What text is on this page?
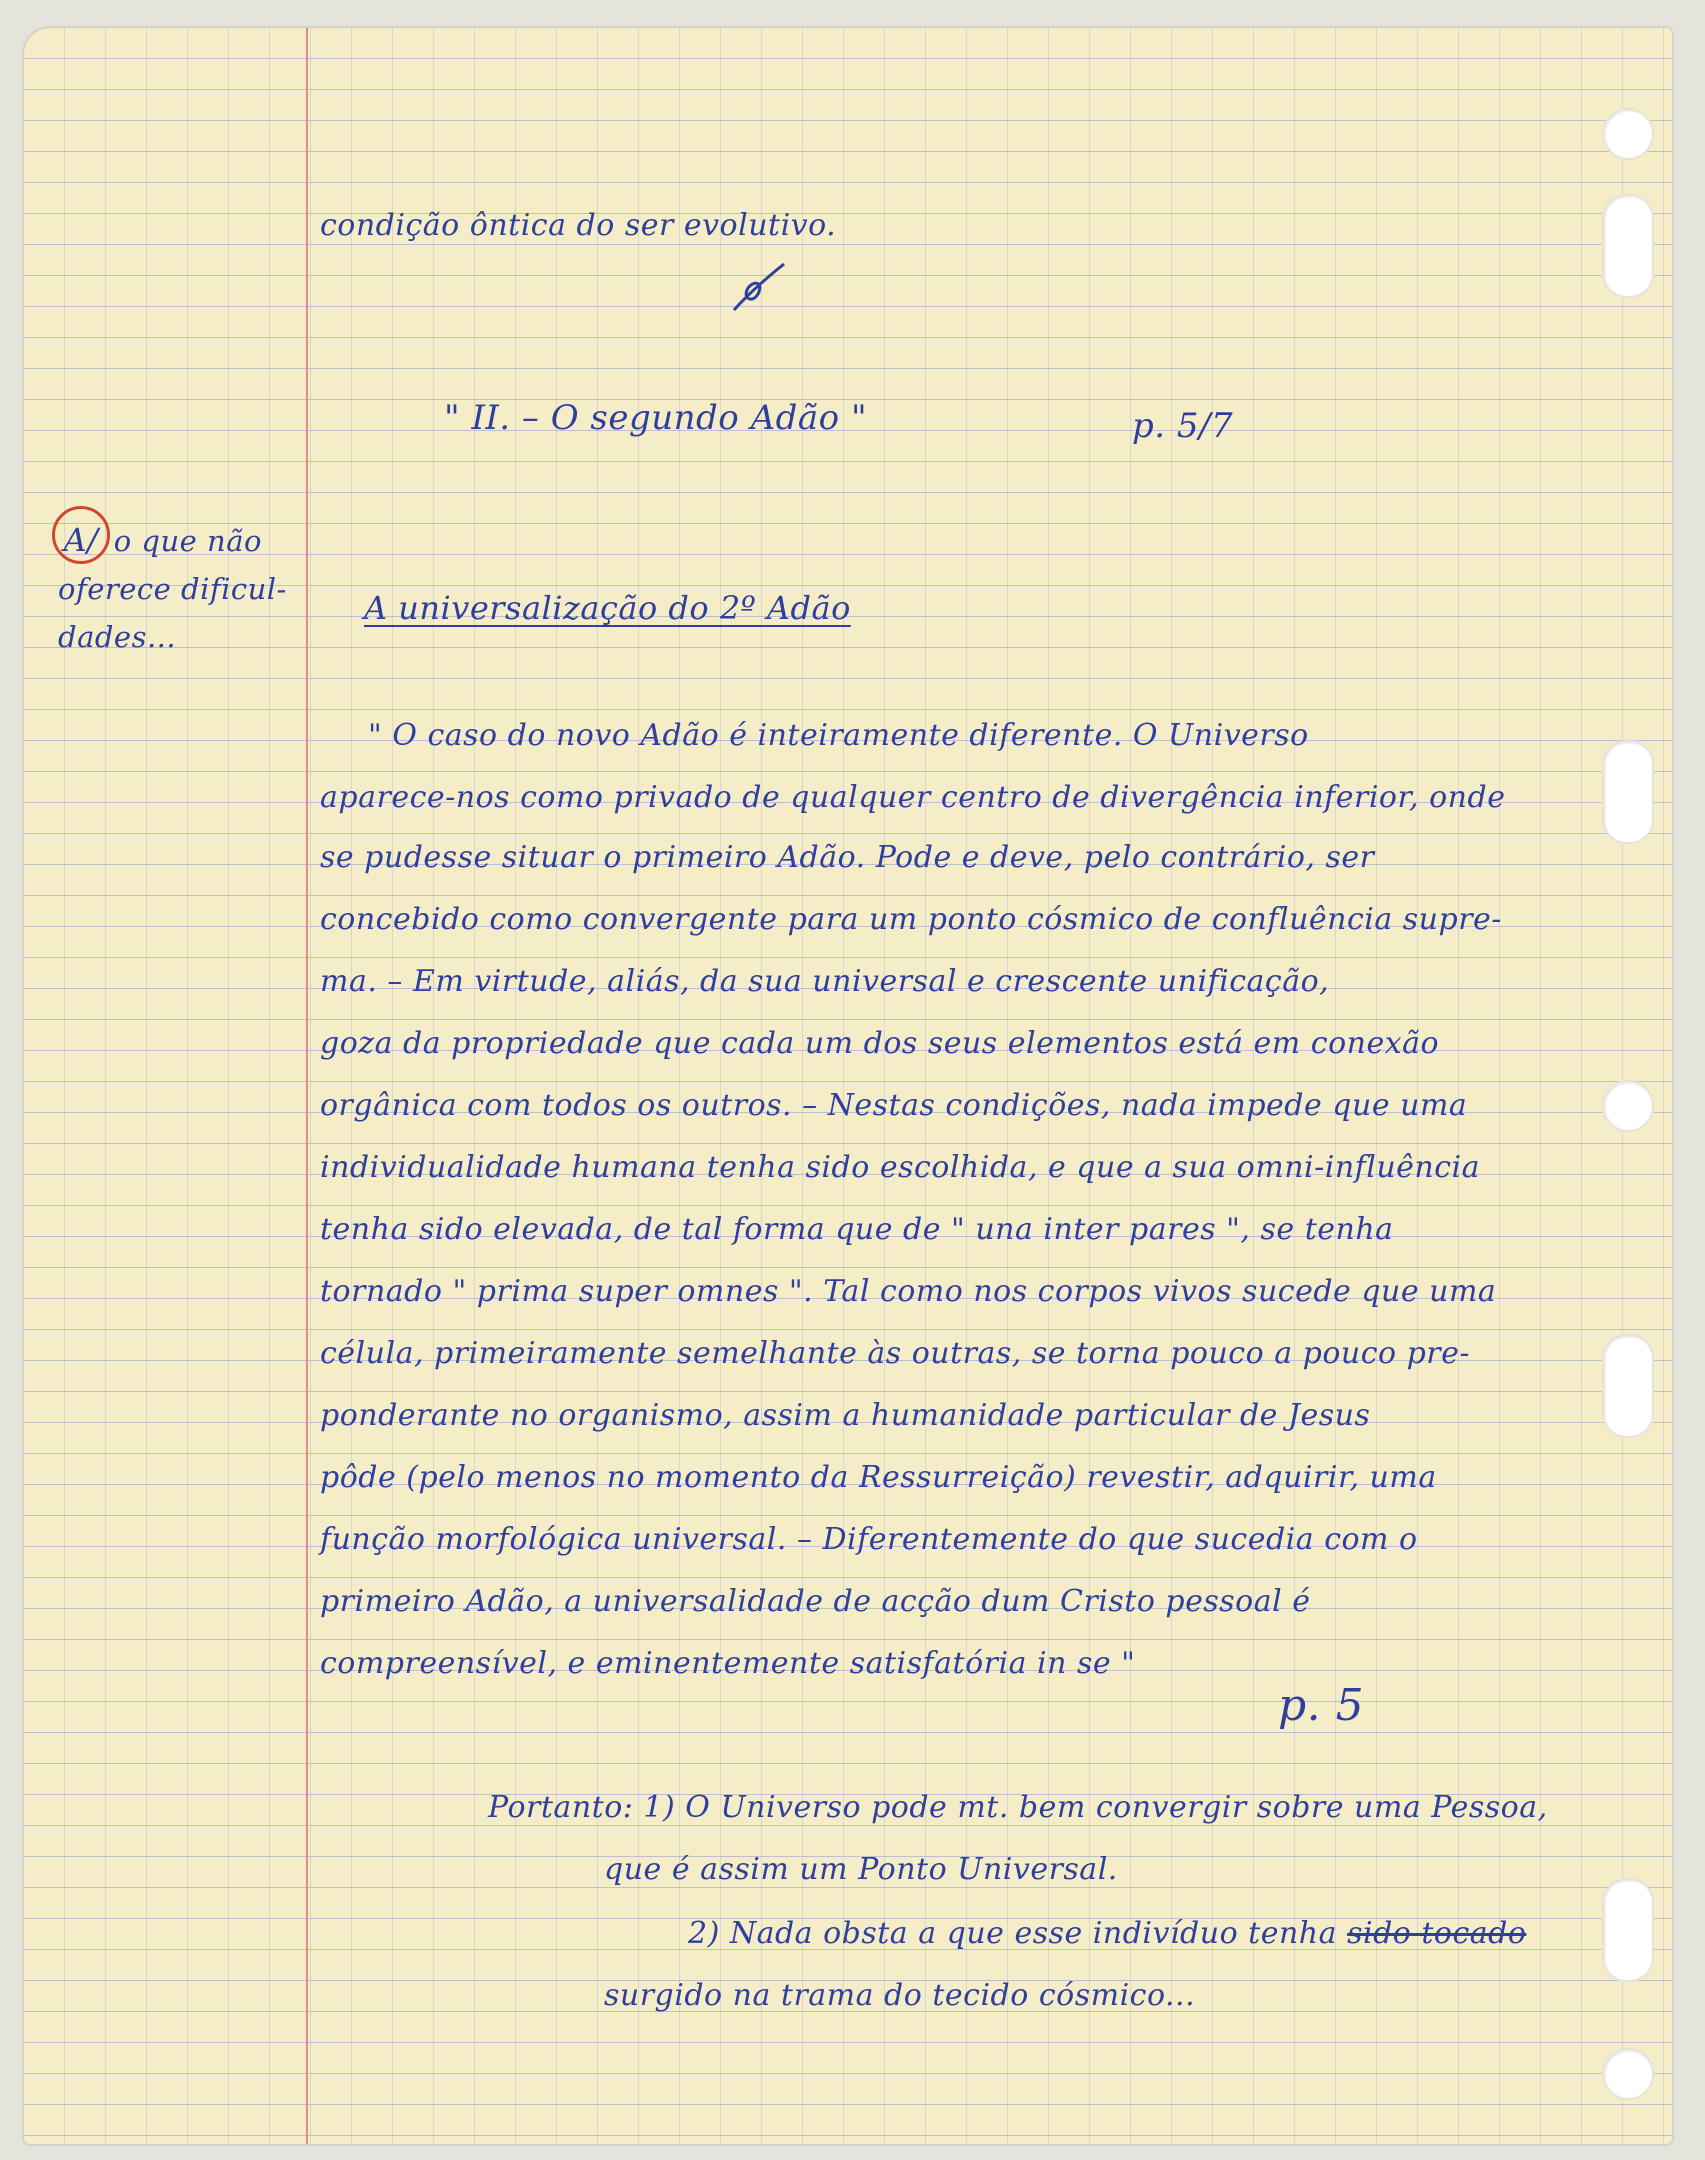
A/ o que não
oferece dificul-
dades...
condição ôntica do ser evolutivo.
" II. – O segundo Adão "	p. 5/7
A universalização do 2º Adão
" O caso do novo Adão é inteiramente diferente. O Universo
aparece-nos como privado de qualquer centro de divergência inferior, onde
se pudesse situar o primeiro Adão. Pode e deve, pelo contrário, ser
concebido como convergente para um ponto cósmico de confluência supre-
ma. – Em virtude, aliás, da sua universal e crescente unificação,
goza da propriedade que cada um dos seus elementos está em conexão
orgânica com todos os outros. – Nestas condições, nada impede que uma
individualidade humana tenha sido escolhida, e que a sua omni-influência
tenha sido elevada, de tal forma que de " una inter pares ", se tenha
tornado " prima super omnes ". Tal como nos corpos vivos sucede que uma
célula, primeiramente semelhante às outras, se torna pouco a pouco pre-
ponderante no organismo, assim a humanidade particular de Jesus
pôde (pelo menos no momento da Ressurreição) revestir, adquirir, uma
função morfológica universal. – Diferentemente do que sucedia com o
primeiro Adão, a universalidade de acção dum Cristo pessoal é
compreensível, e eminentemente satisfatória in se "
p. 5
Portanto: 1) O Universo pode mt. bem convergir sobre uma Pessoa,
que é assim um Ponto Universal.
2) Nada obsta a que esse indivíduo tenha sido tocado
surgido na trama do tecido cósmico...
